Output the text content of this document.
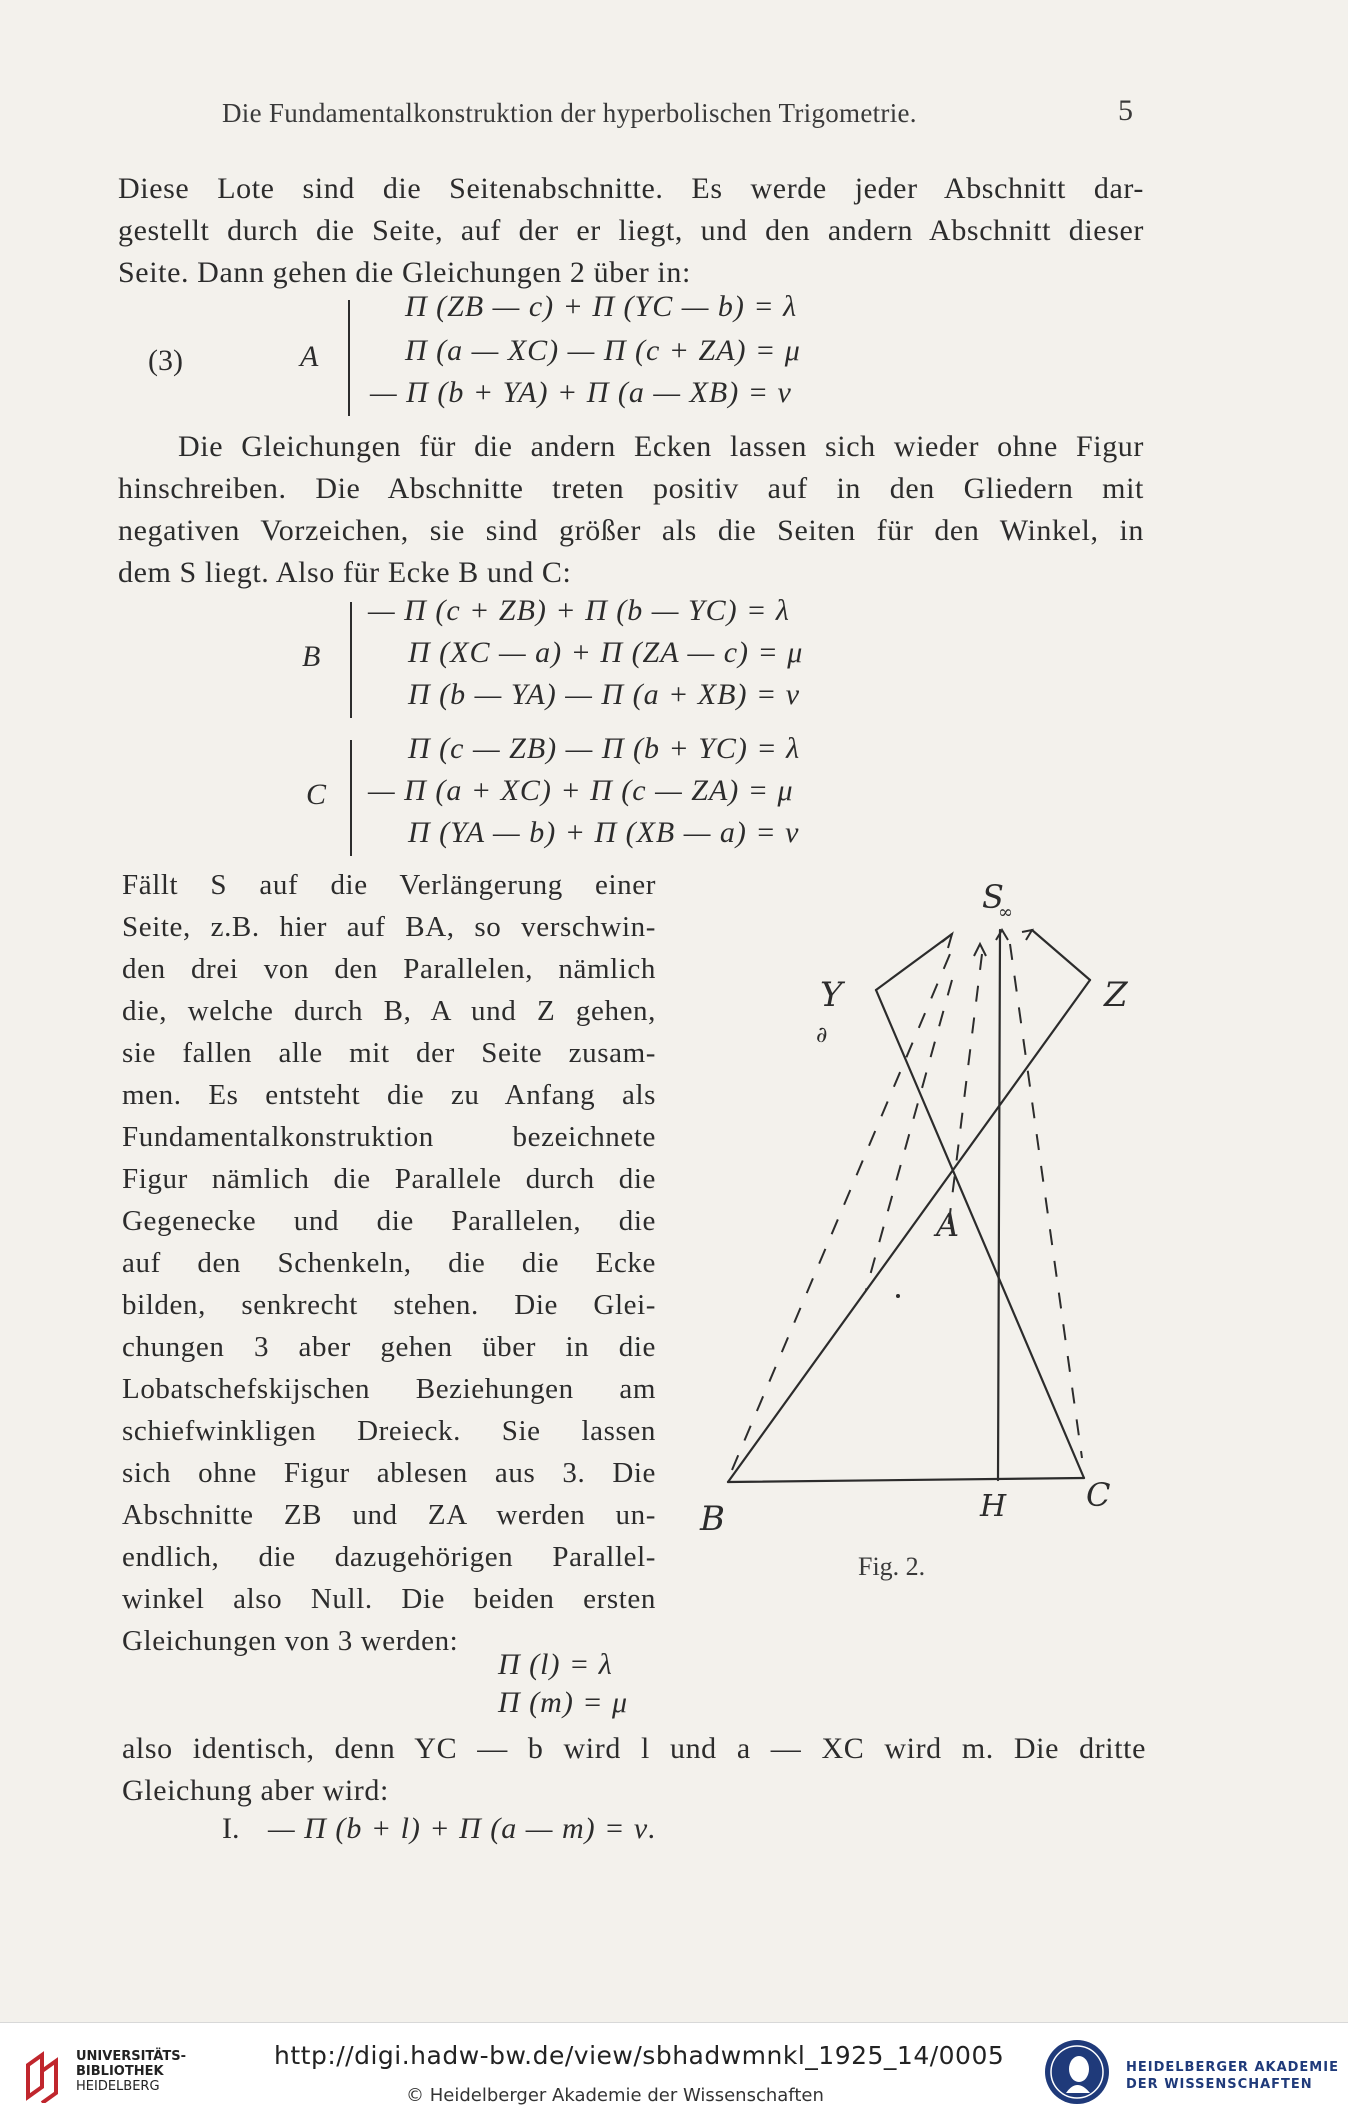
Die Fundamentalkonstruktion der hyperbolischen Trigometrie.	5
Diese Lote sind die Seitenabschnitte. Es werde jeder Abschnitt dar-
gestellt durch die Seite, auf der er liegt, und den andern Abschnitt dieser
Seite. Dann gehen die Gleichungen 2 über in:
(3)	A
Π (ZB — c) + Π (YC — b) = λ
Π (a — XC) — Π (c + ZA) = μ
— Π (b + YA) + Π (a — XB) = ν
Die Gleichungen für die andern Ecken lassen sich wieder ohne Figur
hinschreiben. Die Abschnitte treten positiv auf in den Gliedern mit
negativen Vorzeichen, sie sind größer als die Seiten für den Winkel, in
dem S liegt. Also für Ecke B und C:
B
— Π (c + ZB) + Π (b — YC) = λ
Π (XC — a) + Π (ZA — c) = μ
Π (b — YA) — Π (a + XB) = ν
C
Π (c — ZB) — Π (b + YC) = λ
— Π (a + XC) + Π (c — ZA) = μ
Π (YA — b) + Π (XB — a) = ν
Fällt S auf die Verlängerung einer
Seite, z.B. hier auf BA, so verschwin-
den drei von den Parallelen, nämlich
die, welche durch B, A und Z gehen,
sie fallen alle mit der Seite zusam-
men. Es entsteht die zu Anfang als
Fundamentalkonstruktion bezeichnete
Figur nämlich die Parallele durch die
Gegenecke und die Parallelen, die
auf den Schenkeln, die die Ecke
bilden, senkrecht stehen. Die Glei-
chungen 3 aber gehen über in die
Lobatschefskijschen Beziehungen am
schiefwinkligen Dreieck. Sie lassen
sich ohne Figur ablesen aus 3. Die
Abschnitte ZB und ZA werden un-
endlich, die dazugehörigen Parallel-
winkel also Null. Die beiden ersten
Gleichungen von 3 werden:
Π (l) = λ
Π (m) = μ
also identisch, denn YC — b wird l und a — XC wird m. Die dritte
Gleichung aber wird:
I. — Π (b + l) + Π (a — m) = ν.
S
∞
Y
∂
Z
A
B	H C
Fig. 2.
UNIVERSITÄTS-
BIBLIOTHEK
HEIDELBERG
http://digi.hadw-bw.de/view/sbhadwmnkl_1925_14/0005
© Heidelberger Akademie der Wissenschaften
HEIDELBERGER AKADEMIE
DER WISSENSCHAFTEN
